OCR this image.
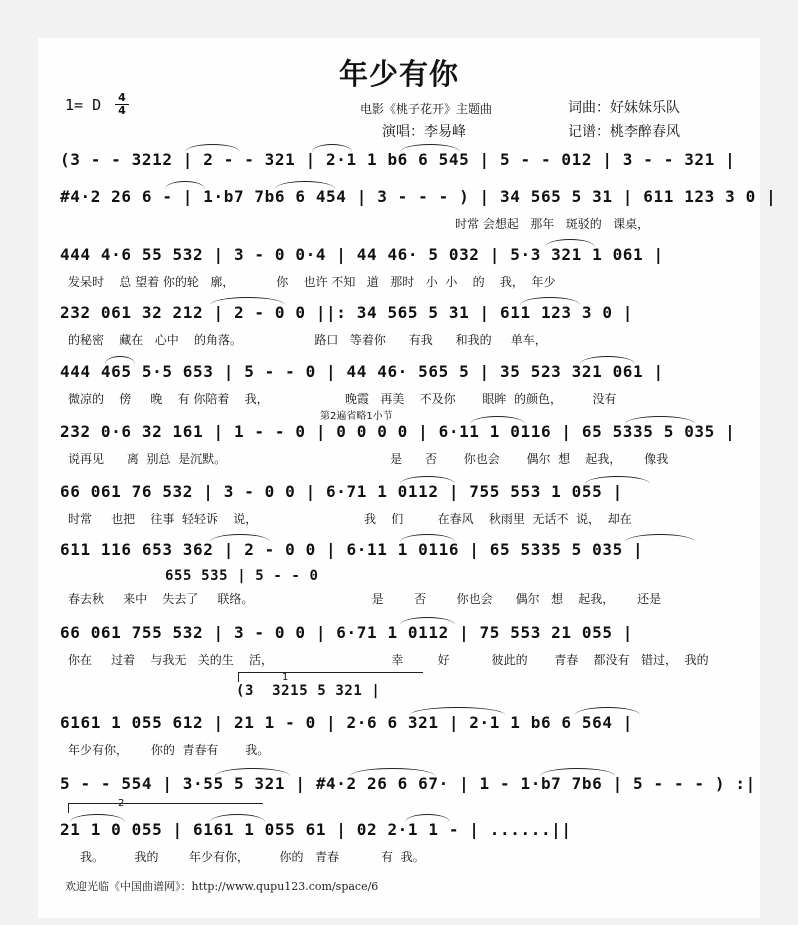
年少有你
1= D 4
4	电影《桃子花开》主题曲	词曲：好妹妹乐队
演唱：李易峰	记谱：桃李醉春风
(3 - - 3212 | 2 - - 321 | 2·1 1 b6 6 545 | 5 - - 012 | 3 - - 321 |
#4·2 26 6 - | 1·b7 7b6 6 454 | 3 - - - ) | 34 565 5 31 | 611 123 3 0 |
时常 会想起   那年   斑驳的   课桌，
444 4·6 55 532 | 3 - 0 0·4 | 44 46· 5 032 | 5·3 321 1 061 |
发呆时    总 望着 你的轮   廓，           你    也许 不知   道   那时   小  小    的    我，  年少
232 061 32 212 | 2 - 0 0 ||: 34 565 5 31 | 611 123 3 0 |
的秘密    藏在   心中    的角落。                   路口   等着你      有我      和我的     单车，
444 465 5·5 653 | 5 - - 0 | 44 46· 565 5 | 35 523 321 061 |
微凉的    傍     晚    有 你陪着    我，                    晚霞   再美    不及你       眼眸  的颜色，        没有
第2遍省略1小节
232 0·6 32 161 | 1 - - 0 | 0 0 0 0 | 6·11 1 0116 | 65 5335 5 035 |
说再见      离  别总  是沉默。                                           是      否       你也会       偶尔  想    起我，      像我
66 061 76 532 | 3 - 0 0 | 6·71 1 0112 | 755 553 1 055 |
时常     也把    往事  轻轻诉    说，                            我    们         在春风    秋雨里  无话不  说，  却在
611 116 653 362 | 2 - 0 0 | 6·11 1 0116 | 65 5335 5 035 |
655 535 | 5 - - 0
春去秋     来中    失去了     联络。                               是        否        你也会      偶尔   想    起我，      还是
66 061 755 532 | 3 - 0 0 | 6·71 1 0112 | 75 553 21 055 |
你在     过着    与我无   关的生    活，                               幸         好           彼此的       青春    都没有   错过，  我的
1
(3  3215 5 321 |
6161 1 055 612 | 21 1 - 0 | 2·6 6 321 | 2·1 1 b6 6 564 |
年少有你，      你的  青春有       我。
5 - - 554 | 3·55 5 321 | #4·2 26 6 67· | 1 - 1·b7 7b6 | 5 - - - ) :|
2
21 1 0 055 | 6161 1 055 61 | 02 2·1 1 - | ......||
我。        我的        年少有你，        你的   青春           有  我。
欢迎光临《中国曲谱网》：http://www.qupu123.com/space/6
